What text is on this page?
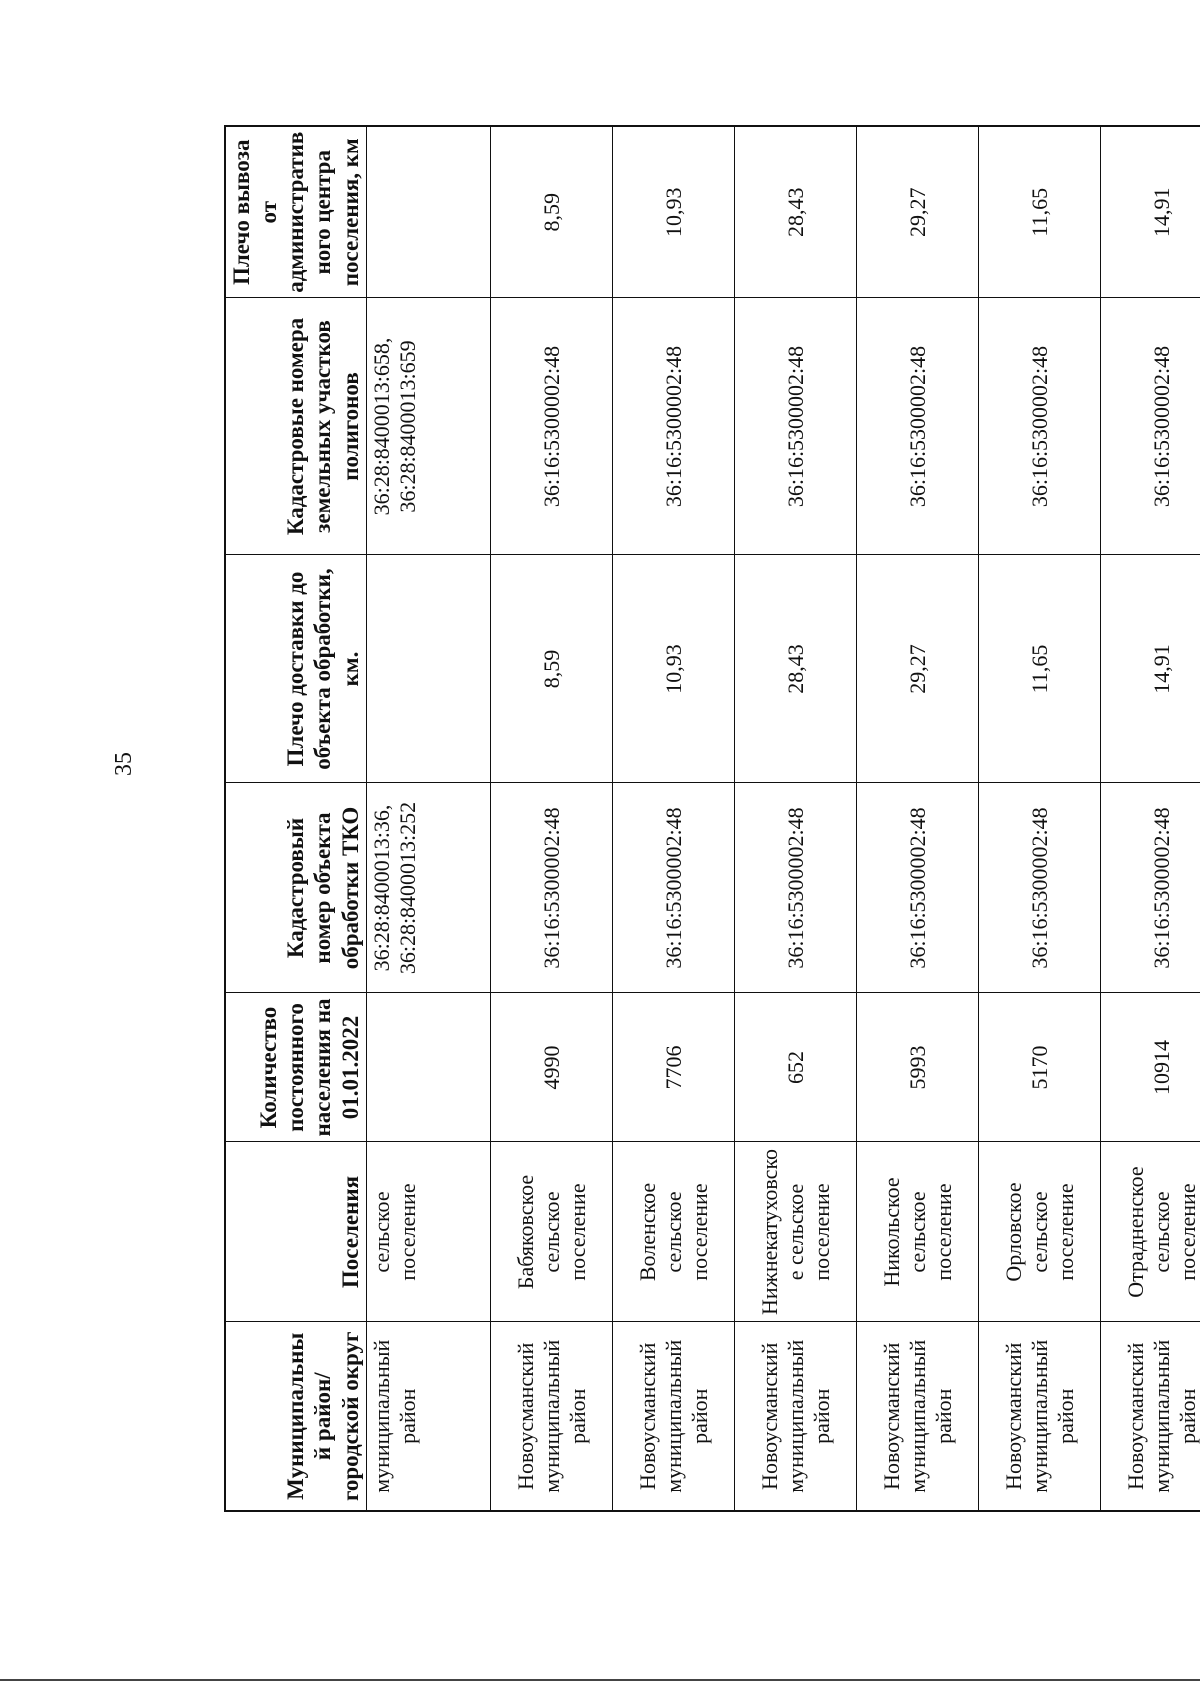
35
Муниципальный район/ городской округ	Поселения	Количество постоянного населения на 01.01.2022	Кадастровый номер объекта обработки ТКО	Плечо доставки до объекта обработки, км.	Кадастровые номера земельных участков полигонов	Плечо вывоза от административного центра поселения, км
муниципальный район	сельское поселение		36:28:8400013:36, 36:28:8400013:252		36:28:8400013:658, 36:28:8400013:659	

Новоусманский муниципальный район	Бабяковское сельское поселение	4990	36:16:5300002:48	8,59	36:16:5300002:48	8,59
Новоусманский муниципальный район	Воленское сельское поселение	7706	36:16:5300002:48	10,93	36:16:5300002:48	10,93
Новоусманский муниципальный район	Нижнекатуховское сельское поселение	652	36:16:5300002:48	28,43	36:16:5300002:48	28,43
Новоусманский муниципальный район	Никольское сельское поселение	5993	36:16:5300002:48	29,27	36:16:5300002:48	29,27
Новоусманский муниципальный район	Орловское сельское поселение	5170	36:16:5300002:48	11,65	36:16:5300002:48	11,65
Новоусманский муниципальный район	Отрадненское сельское поселение	10914	36:16:5300002:48	14,91	36:16:5300002:48	14,91
